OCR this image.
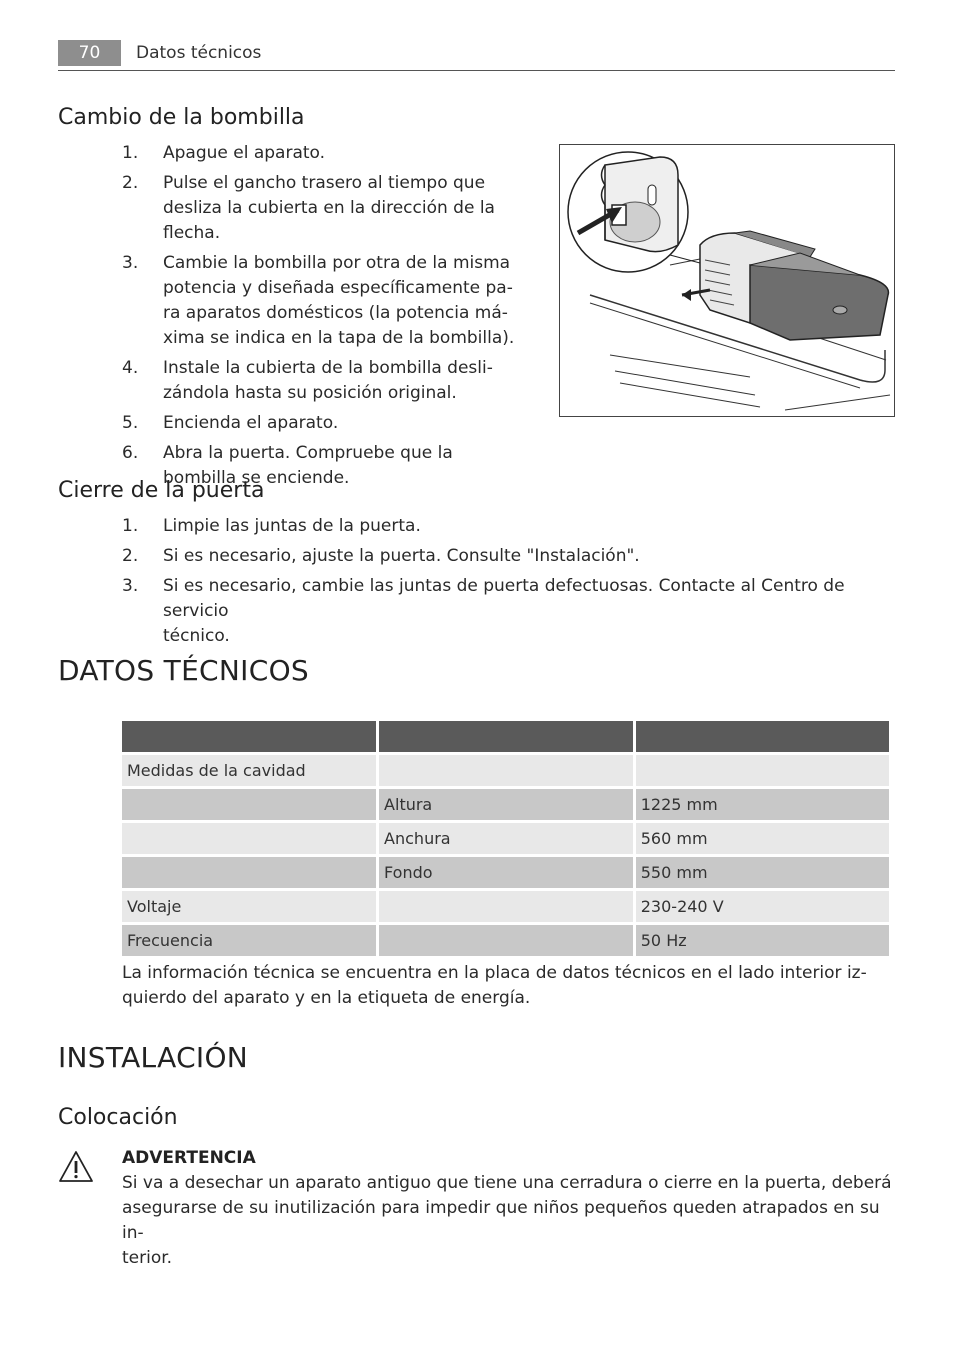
70	Datos técnicos
Cambio de la bombilla
1. Apague el aparato.
2. Pulse el gancho trasero al tiempo que
desliza la cubierta en la dirección de la
flecha.
3. Cambie la bombilla por otra de la misma
potencia y diseñada específicamente pa-
ra aparatos domésticos (la potencia má-
xima se indica en la tapa de la bombilla).
4. Instale la cubierta de la bombilla desli-
zándola hasta su posición original.
5. Encienda el aparato.
6. Abra la puerta. Compruebe que la bombilla se enciende.
Cierre de la puerta
1. Limpie las juntas de la puerta.
2. Si es necesario, ajuste la puerta. Consulte "Instalación".
3. Si es necesario, cambie las juntas de puerta defectuosas. Contacte al Centro de servicio
técnico.
DATOS TÉCNICOS

Medidas de la cavidad		
	Altura	1225 mm
	Anchura	560 mm
	Fondo	550 mm
Voltaje		230-240 V
Frecuencia		50 Hz
La información técnica se encuentra en la placa de datos técnicos en el lado interior iz-
quierdo del aparato y en la etiqueta de energía.
INSTALACIÓN
Colocación
ADVERTENCIA
Si va a desechar un aparato antiguo que tiene una cerradura o cierre en la puerta, deberá
asegurarse de su inutilización para impedir que niños pequeños queden atrapados en su in-
terior.
